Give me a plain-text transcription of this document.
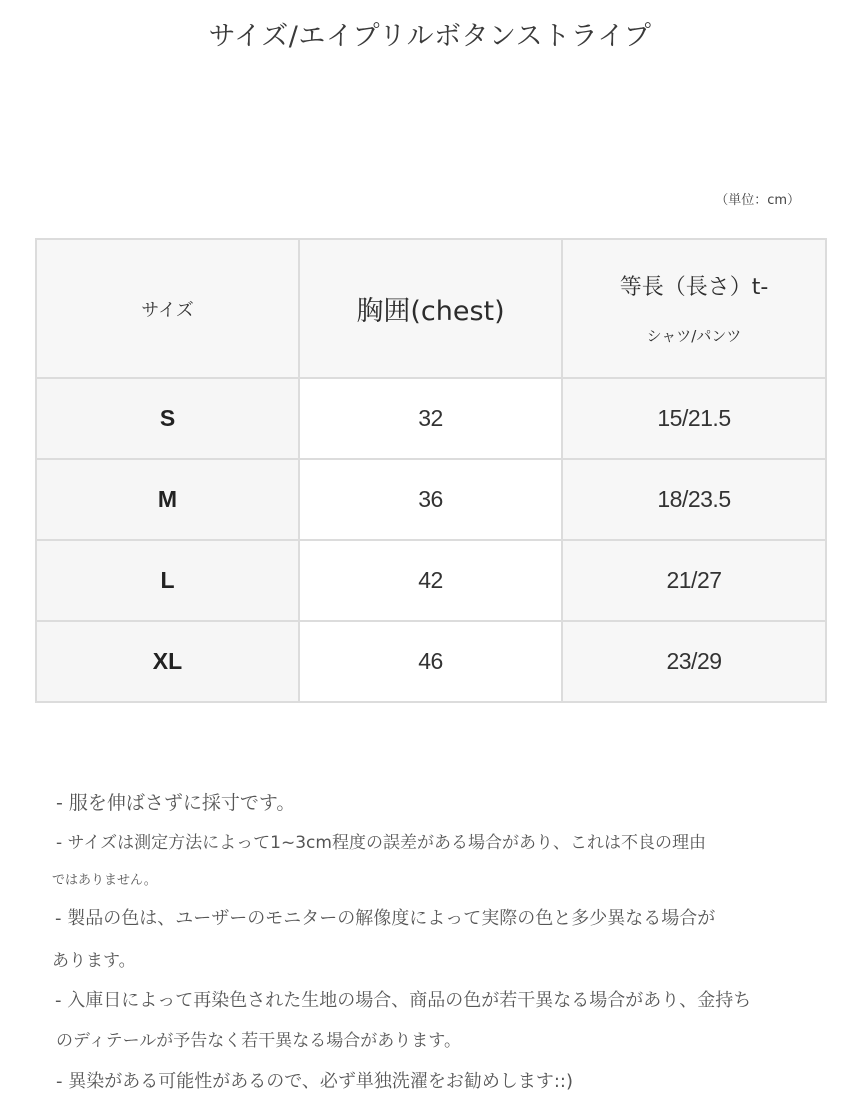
サイズ/エイプリルボタンストライプ
（単位：cm）
サイズ	胸囲(chest)	等長（長さ）t-
シャツ/パンツ

S	32	15/21.5
M	36	18/23.5
L	42	21/27
XL	46	23/29
- 服を伸ばさずに採寸です。
- サイズは測定方法によって1~3cm程度の誤差がある場合があり、これは不良の理由
ではありません。
- 製品の色は、ユーザーのモニターの解像度によって実際の色と多少異なる場合が
あります。
- 入庫日によって再染色された生地の場合、商品の色が若干異なる場合があり、金持ち
のディテールが予告なく若干異なる場合があります。
- 異染がある可能性があるので、必ず単独洗濯をお勧めします::)
